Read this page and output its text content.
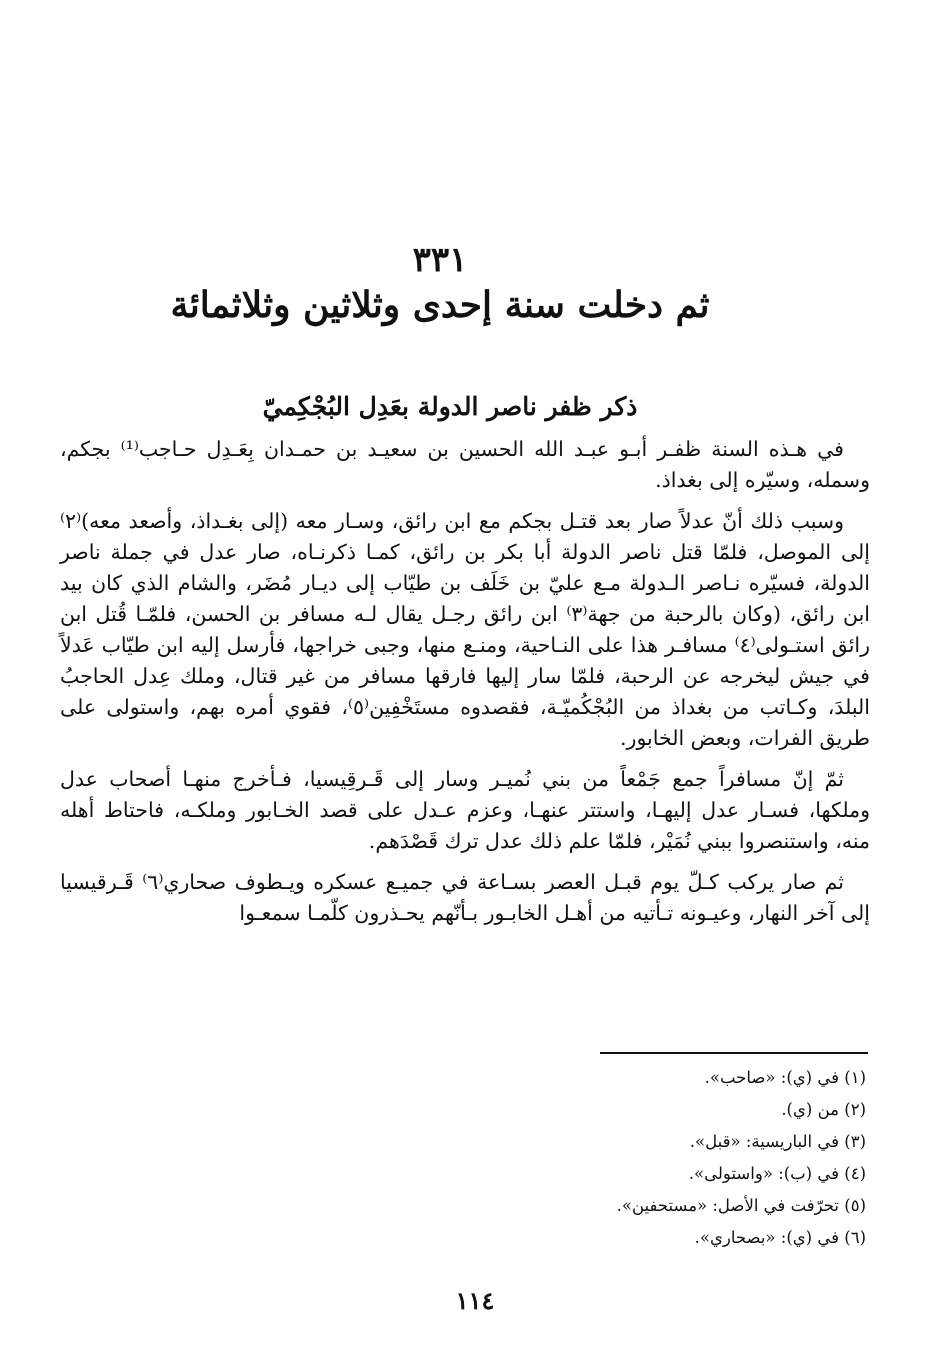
٣٣١
ثم دخلت سنة إحدى وثلاثين وثلاثمائة
ذكر ظفر ناصر الدولة بعَدِل البُجْكِميّ

في هـذه السنة ظفـر أبـو عبـد الله الحسين بن سعيـد بن حمـدان بِعَـدِل حـاجب⁽¹⁾ بجكم، وسمله، وسيّره إلى بغداذ.

وسبب ذلك أنّ عدلاً صار بعد قتـل بجكم مع ابن رائق، وسـار معه (إلى بغـداذ، وأصعد معه)⁽٢⁾ إلى الموصل، فلمّا قتل ناصر الدولة أبا بكر بن رائق، كمـا ذكرنـاه، صار عدل في جملة ناصر الدولة، فسيّره نـاصر الـدولة مـع عليّ بن خَلَف بن طيّاب إلى ديـار مُضَر، والشام الذي كان بيد ابن رائق، (وكان بالرحبة من جهة⁽٣⁾ ابن رائق رجـل يقال لـه مسافر بن الحسن، فلمّـا قُتل ابن رائق استـولى⁽٤⁾ مسافـر هذا على النـاحية، ومنـع منها، وجبى خراجها، فأرسل إليه ابن طيّاب عَدلاً في جيش ليخرجه عن الرحبة، فلمّا سار إليها فارقها مسافر من غير قتال، وملك عِدل الحاجبُ البلدَ، وكـاتب من بغداذ من البُجْكُميّـة، فقصدوه مستَخْفِين⁽٥⁾، فقوي أمره بهم، واستولى على طريق الفرات، وبعض الخابور.

ثمّ إنّ مسافراً جمع جَمْعاً من بني نُميـر وسار إلى قَـرقِيسيا، فـأخرج منهـا أصحاب عدل وملكها، فسـار عدل إليهـا، واستتر عنهـا، وعزم عـدل على قصد الخـابور وملكـه، فاحتاط أهله منه، واستنصروا ببني نُمَيْر، فلمّا علم ذلك عدل ترك قَصْدَهم.

ثم صار يركب كـلّ يوم قبـل العصر بسـاعة في جميـع عسكره ويـطوف صحاري⁽٦⁾ قَـرقيسيا إلى آخر النهار، وعيـونه تـأتيه من أهـل الخابـور بـأنّهم يحـذرون كلّمـا سمعـوا

(١) في (ي): «صاحب».
(٢) من (ي).
(٣) في الباريسية: «قبل».
(٤) في (ب): «واستولى».
(٥) تحرّفت في الأصل: «مستحفين».
(٦) في (ي): «بصحاري».
١١٤
